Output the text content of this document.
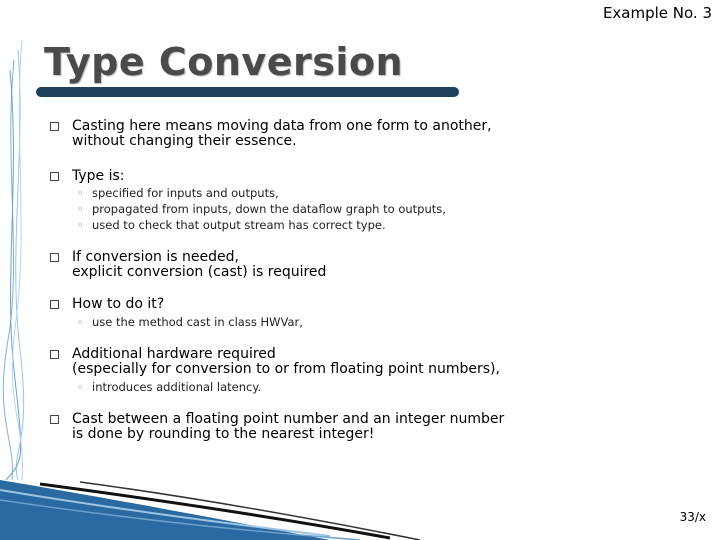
Example No. 3
Type Conversion
Casting here means moving data from one form to another,
without changing their essence.
Type is:
◦ specified for inputs and outputs,
◦ propagated from inputs, down the dataflow graph to outputs,
◦ used to check that output stream has correct type.
If conversion is needed,
explicit conversion (cast) is required
How to do it?
◦ use the method cast in class HWVar,
Additional hardware required
(especially for conversion to or from floating point numbers),
◦ introduces additional latency.
Cast between a floating point number and an integer number
is done by rounding to the nearest integer!
33/x
